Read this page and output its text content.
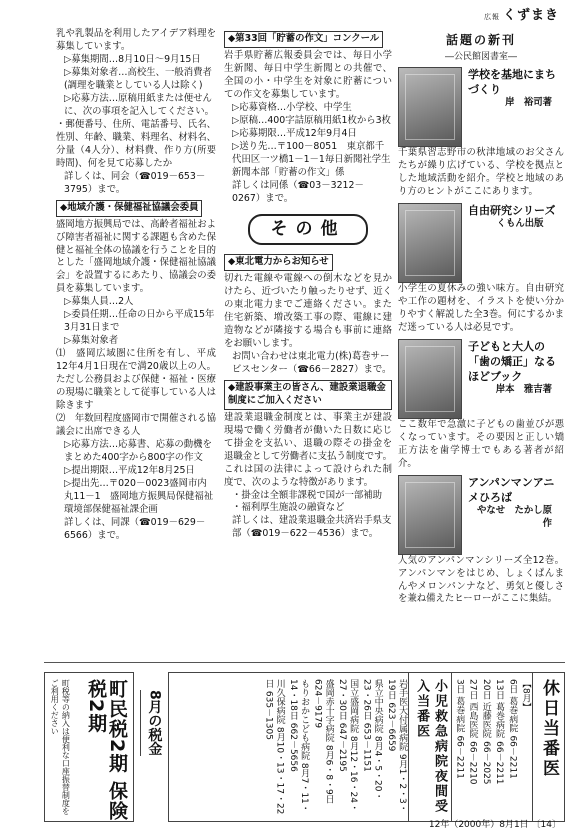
広報 くずまき
乳や乳製品を利用したアイデア料理を募集しています。
▷募集期間…8月10日～9月15日
▷募集対象者…高校生、一般消費者(調理を職業としている人は除く)
▷応募方法…原稿用紙または便せんに、次の事項を記入してください。
・郵便番号、住所、電話番号、氏名、性別、年齢、職業、料理名、材料名、分量（4人分）、材料費、作り方(所要時間)、何を見て応募したか
詳しくは、同会（☎019－653－3795）まで。
◆地域介護・保健福祉協議会委員
盛岡地方振興局では、高齢者福祉および障害者福祉に関する課題も含めた保健と福祉全体の協議を行うことを目的とした「盛岡地域介護・保健福祉協議会」を設置するにあたり、協議会の委員を募集しています。
▷募集人員…2人
▷委員任期…任命の日から平成15年3月31日まで
▷募集対象者
⑴　盛岡広域圏に住所を有し、平成12年4月1日現在で満20歳以上の人。ただし公務員および保健・福祉・医療の現場に職業として従事している人は除きます
⑵　年数回程度盛岡市で開催される協議会に出席できる人
▷応募方法…応募書、応募の動機をまとめた400字から800字の作文
▷提出期限…平成12年8月25日
▷提出先…〒020－0023盛岡市内丸11－1　盛岡地方振興局保健福祉環境部保健福祉課企画
詳しくは、同課（☎019－629－6566）まで。
◆第33回「貯蓄の作文」コンクール
岩手県貯蓄広報委員会では、毎日小学生新聞、毎日中学生新聞との共催で、全国の小・中学生を対象に貯蓄についての作文を募集しています。
▷応募資格…小学校、中学生
▷原稿…400字詰原稿用紙1枚から3枚
▷応募期限…平成12年9月4日
▷送り先…〒100－8051　東京都千代田区一ツ橋1－1－1毎日新聞社学生新聞本部「貯蓄の作文」係
詳しくは同係（☎03－3212－0267）まで。
その他
◆東北電力からお知らせ
切れた電線や電線への倒木などを見かけたら、近づいたり触ったりせず、近くの東北電力までご連絡ください。また住宅新築、増改築工事の際、電線に建造物などが隣接する場合も事前に連絡をお願いします。
お問い合わせは東北電力(株)葛巻サービスセンター（☎66－2827）まで。
◆建設事業主の皆さん、建設業退職金制度にご加入ください
建設業退職金制度とは、事業主が建設現場で働く労働者が働いた日数に応じて掛金を支払い、退職の際その掛金を退職金として労働者に支払う制度です。これは国の法律によって設けられた制度で、次のような特徴があります。
・掛金は全額非課税で国が一部補助
・福利厚生施設の融資など
詳しくは、建設業退職金共済岩手県支部（☎019－622－4536）まで。
話題の新刊
―公民館図書室―
学校を基地にまちづくり
岸　裕司著
千葉県習志野市の秋津地域のお父さんたちが繰り広げている、学校を拠点とした地域活動を紹介。学校と地域のあり方のヒントがここにあります。
自由研究シリーズ
くもん出版
小学生の夏休みの強い味方。自由研究や工作の題材を、イラストを使い分かりやすく解説した全3巻。何にするかまだ迷っている人は必見です。
子どもと大人の「歯の矯正」なるほどブック
岸本　雅吉著
ここ数年で急激に子どもの歯並びが悪くなっています。その要因と正しい矯正方法を歯学博士でもある著者が紹介。
アンパンマンアニメひろば
やなせ　たかし原作
人気のアンパンマンシリーズ全12巻。アンパンマンをはじめ、しょくぱんまんやメロンパンナなど、勇気と優しさを兼ね備えたヒーローがここに集結。
町民税2期 保険税2期
町税等の納入は便利な口座振替制度をご利用ください	8月の税金	休日当番医
【8月】
6日 葛巻病院 66－2211
13日 葛巻病院 66－2211
20日 近藤医院 66－2025
27日 西島医院 66－2210
3日 葛巻病院 66－2211
小児救急病院夜間受入当番医
岩手医大付属病院 9月1・2・3・19日 623－6659
県立中央病院 8月4・5・20・23・26日 653－1151
国立盛岡病院 8月12・16・24・27・30日 647－2195
盛岡赤十字病院 8月6・8・9日 624－9179
もりおかこども病院 8月7・11・14・18日 662－5656
川久保病院 8月10・13・17・22日 635－1305
12年（2000年）8月1日 〔14〕
